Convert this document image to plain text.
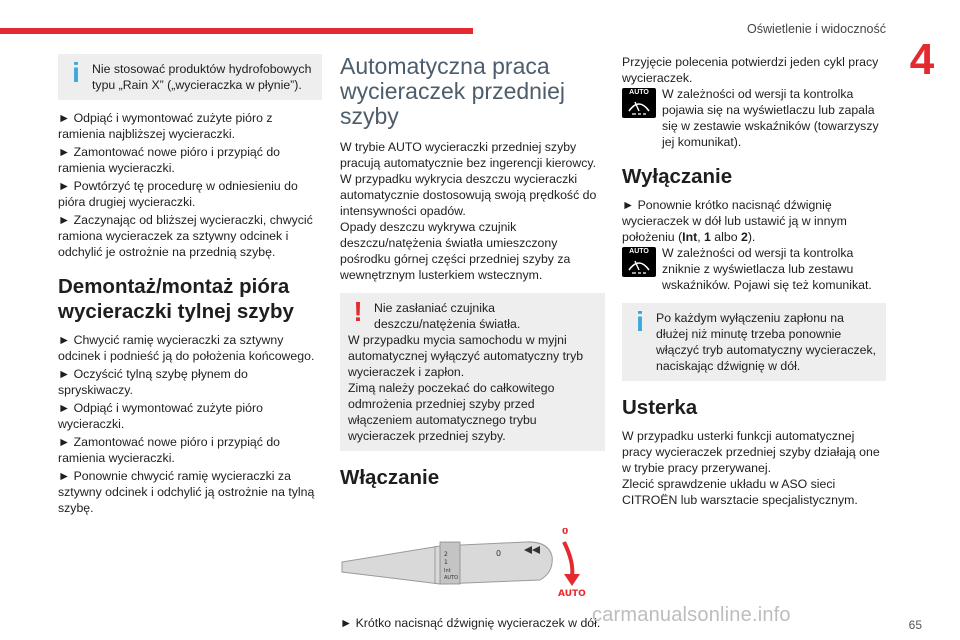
Oświetlenie i widoczność
4
i Nie stosować produktów hydrofobowych typu „Rain X” („wycieraczka w płynie”).
► Odpiąć i wymontować zużyte pióro z ramienia najbliższej wycieraczki.
► Zamontować nowe pióro i przypiąć do ramienia wycieraczki.
► Powtórzyć tę procedurę w odniesieniu do pióra drugiej wycieraczki.
► Zaczynając od bliższej wycieraczki, chwycić ramiona wycieraczek za sztywny odcinek i odchylić je ostrożnie na przednią szybę.
Demontaż/montaż pióra wycieraczki tylnej szyby
► Chwycić ramię wycieraczki za sztywny odcinek i podnieść ją do położenia końcowego.
► Oczyścić tylną szybę płynem do spryskiwaczy.
► Odpiąć i wymontować zużyte pióro wycieraczki.
► Zamontować nowe pióro i przypiąć do ramienia wycieraczki.
► Ponownie chwycić ramię wycieraczki za sztywny odcinek i odchylić ją ostrożnie na tylną szybę.
Automatyczna praca wycieraczek przedniej szyby
W trybie AUTO wycieraczki przedniej szyby pracują automatycznie bez ingerencji kierowcy.
W przypadku wykrycia deszczu wycieraczki automatycznie dostosowują swoją prędkość do intensywności opadów.
Opady deszczu wykrywa czujnik deszczu/natężenia światła umieszczony pośrodku górnej części przedniej szyby za wewnętrznym lusterkiem wstecznym.
! Nie zasłaniać czujnika deszczu/natężenia światła.
W przypadku mycia samochodu w myjni automatycznej wyłączyć automatyczny tryb wycieraczek i zapłon.
Zimą należy poczekać do całkowitego odmrożenia przedniej szyby przed włączeniem automatycznego trybu wycieraczek przedniej szyby.
Włączanie
2
1
Int
AUTO
0
0
AUTO
► Krótko nacisnąć dźwignię wycieraczek w dół.
Przyjęcie polecenia potwierdzi jeden cykl pracy wycieraczek.
AUTO	W zależności od wersji ta kontrolka pojawia się na wyświetlaczu lub zapala się w zestawie wskaźników (towarzyszy jej komunikat).
Wyłączanie
► Ponownie krótko nacisnąć dźwignię wycieraczek w dół lub ustawić ją w innym położeniu (Int, 1 albo 2).
AUTO	W zależności od wersji ta kontrolka zniknie z wyświetlacza lub zestawu wskaźników. Pojawi się też komunikat.
i Po każdym wyłączeniu zapłonu na dłużej niż minutę trzeba ponownie włączyć tryb automatyczny wycieraczek, naciskając dźwignię w dół.
Usterka
W przypadku usterki funkcji automatycznej pracy wycieraczek przedniej szyby działają one w trybie pracy przerywanej.
Zlecić sprawdzenie układu w ASO sieci CITROËN lub warsztacie specjalistycznym.
carmanualsonline.info	65
